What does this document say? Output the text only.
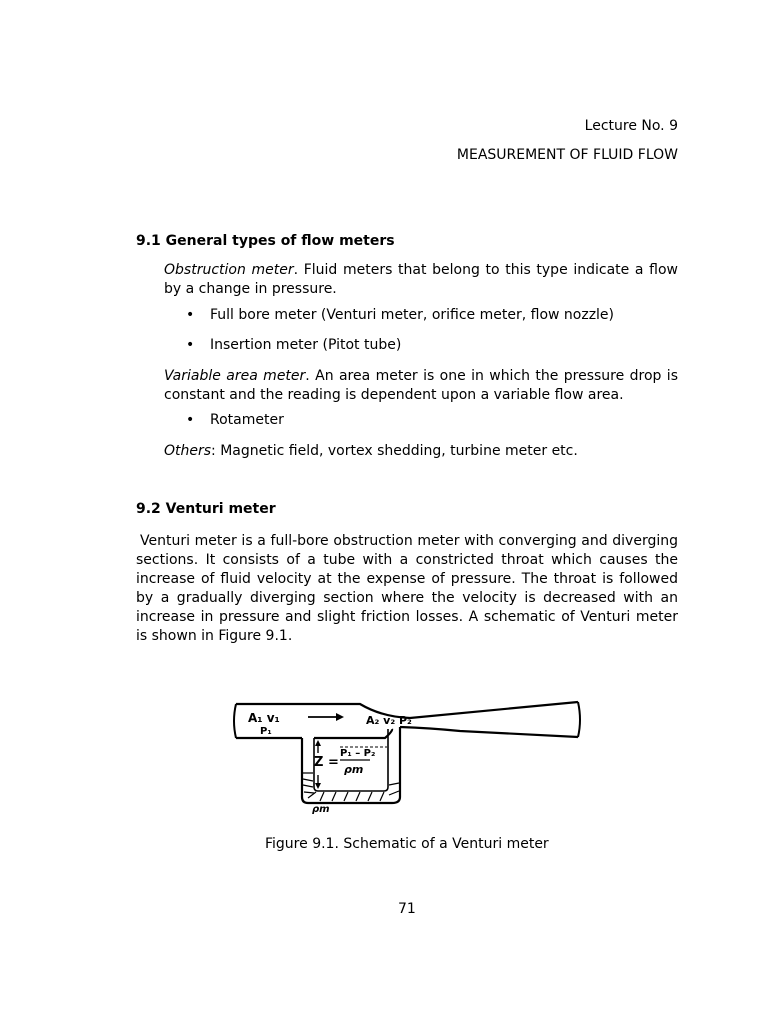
Lecture No. 9
MEASUREMENT OF FLUID FLOW
9.1 General types of flow meters
Obstruction meter. Fluid meters that belong to this type indicate a flow by a change in pressure.
• Full bore meter (Venturi meter, orifice meter, flow nozzle)
• Insertion meter (Pitot tube)
Variable area meter. An area meter is one in which the pressure drop is constant and the reading is dependent upon a variable flow area.
• Rotameter
Others: Magnetic field, vortex shedding, turbine meter etc.
9.2 Venturi meter
Venturi meter is a full-bore obstruction meter with converging and diverging sections. It consists of a tube with a constricted throat which causes the increase of fluid velocity at the expense of pressure. The throat is followed by a gradually diverging section where the velocity is decreased with an increase in pressure and slight friction losses. A schematic of Venturi meter is shown in Figure 9.1.
A₁ v₁
P₁
A₂ v₂ P₂
Z =
P₁ – P₂
ρm
ρm
Figure 9.1. Schematic of a Venturi meter
71
